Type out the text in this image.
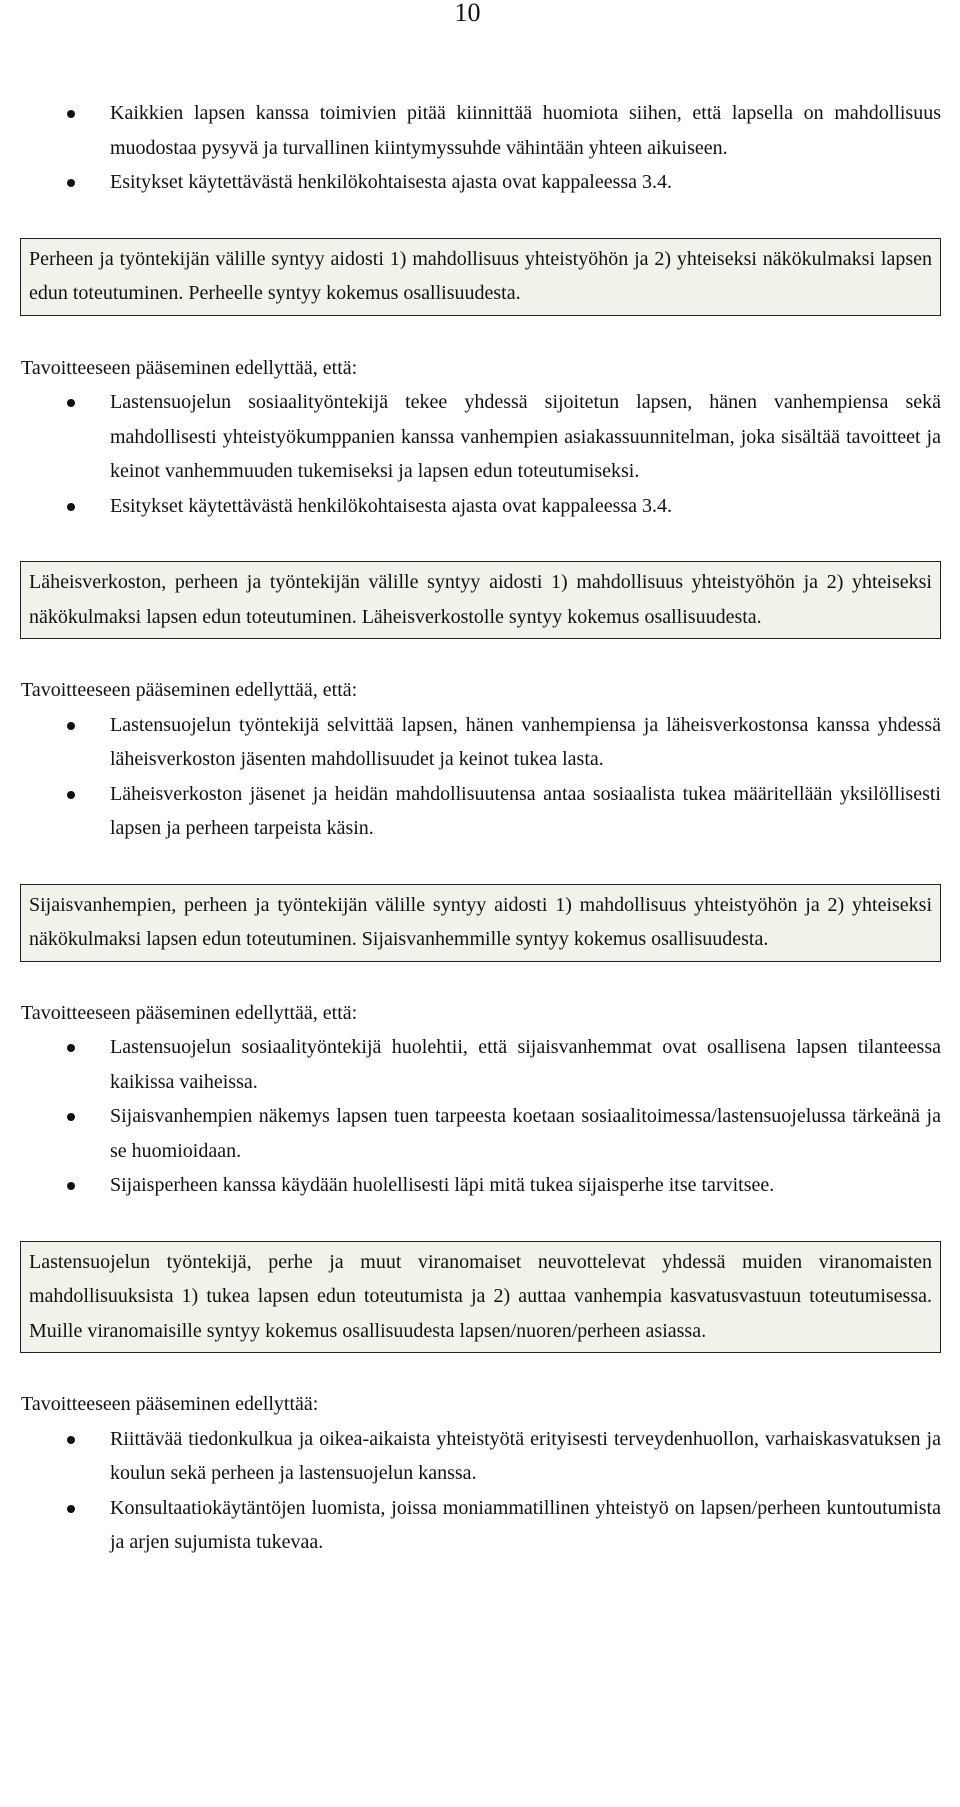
10
Kaikkien lapsen kanssa toimivien pitää kiinnittää huomiota siihen, että lapsella on mahdollisuus muodostaa pysyvä ja turvallinen kiintymyssuhde vähintään yhteen aikuiseen.
Esitykset käytettävästä henkilökohtaisesta ajasta ovat kappaleessa 3.4.
Perheen ja työntekijän välille syntyy aidosti 1) mahdollisuus yhteistyöhön ja 2) yhteiseksi näkökulmaksi lapsen edun toteutuminen. Perheelle syntyy kokemus osallisuudesta.

Tavoitteeseen pääseminen edellyttää, että:

Lastensuojelun sosiaalityöntekijä tekee yhdessä sijoitetun lapsen, hänen vanhempiensa sekä mahdollisesti yhteistyökumppanien kanssa vanhempien asiakassuunnitelman, joka sisältää tavoitteet ja keinot vanhemmuuden tukemiseksi ja lapsen edun toteutumiseksi.
Esitykset käytettävästä henkilökohtaisesta ajasta ovat kappaleessa 3.4.
Läheisverkoston, perheen ja työntekijän välille syntyy aidosti 1) mahdollisuus yhteistyöhön ja 2) yhteiseksi näkökulmaksi lapsen edun toteutuminen. Läheisverkostolle syntyy kokemus osallisuudesta.

Tavoitteeseen pääseminen edellyttää, että:

Lastensuojelun työntekijä selvittää lapsen, hänen vanhempiensa ja läheisverkostonsa kanssa yhdessä läheisverkoston jäsenten mahdollisuudet ja keinot tukea lasta.
Läheisverkoston jäsenet ja heidän mahdollisuutensa antaa sosiaalista tukea määritellään yksilöllisesti lapsen ja perheen tarpeista käsin.
Sijaisvanhempien, perheen ja työntekijän välille syntyy aidosti 1) mahdollisuus yhteistyöhön ja 2) yhteiseksi näkökulmaksi lapsen edun toteutuminen. Sijaisvanhemmille syntyy kokemus osallisuudesta.

Tavoitteeseen pääseminen edellyttää, että:

Lastensuojelun sosiaalityöntekijä huolehtii, että sijaisvanhemmat ovat osallisena lapsen tilanteessa kaikissa vaiheissa.
Sijaisvanhempien näkemys lapsen tuen tarpeesta koetaan sosiaalitoimessa/lastensuojelussa tärkeänä ja se huomioidaan.
Sijaisperheen kanssa käydään huolellisesti läpi mitä tukea sijaisperhe itse tarvitsee.
Lastensuojelun työntekijä, perhe ja muut viranomaiset neuvottelevat yhdessä muiden viranomaisten mahdollisuuksista 1) tukea lapsen edun toteutumista ja 2) auttaa vanhempia kasvatusvastuun toteutumisessa. Muille viranomaisille syntyy kokemus osallisuudesta lapsen/nuoren/perheen asiassa.

Tavoitteeseen pääseminen edellyttää:

Riittävää tiedonkulkua ja oikea-aikaista yhteistyötä erityisesti terveydenhuollon, varhaiskasvatuksen ja koulun sekä perheen ja lastensuojelun kanssa.
Konsultaatiokäytäntöjen luomista, joissa moniammatillinen yhteistyö on lapsen/perheen kuntoutumista ja arjen sujumista tukevaa.
